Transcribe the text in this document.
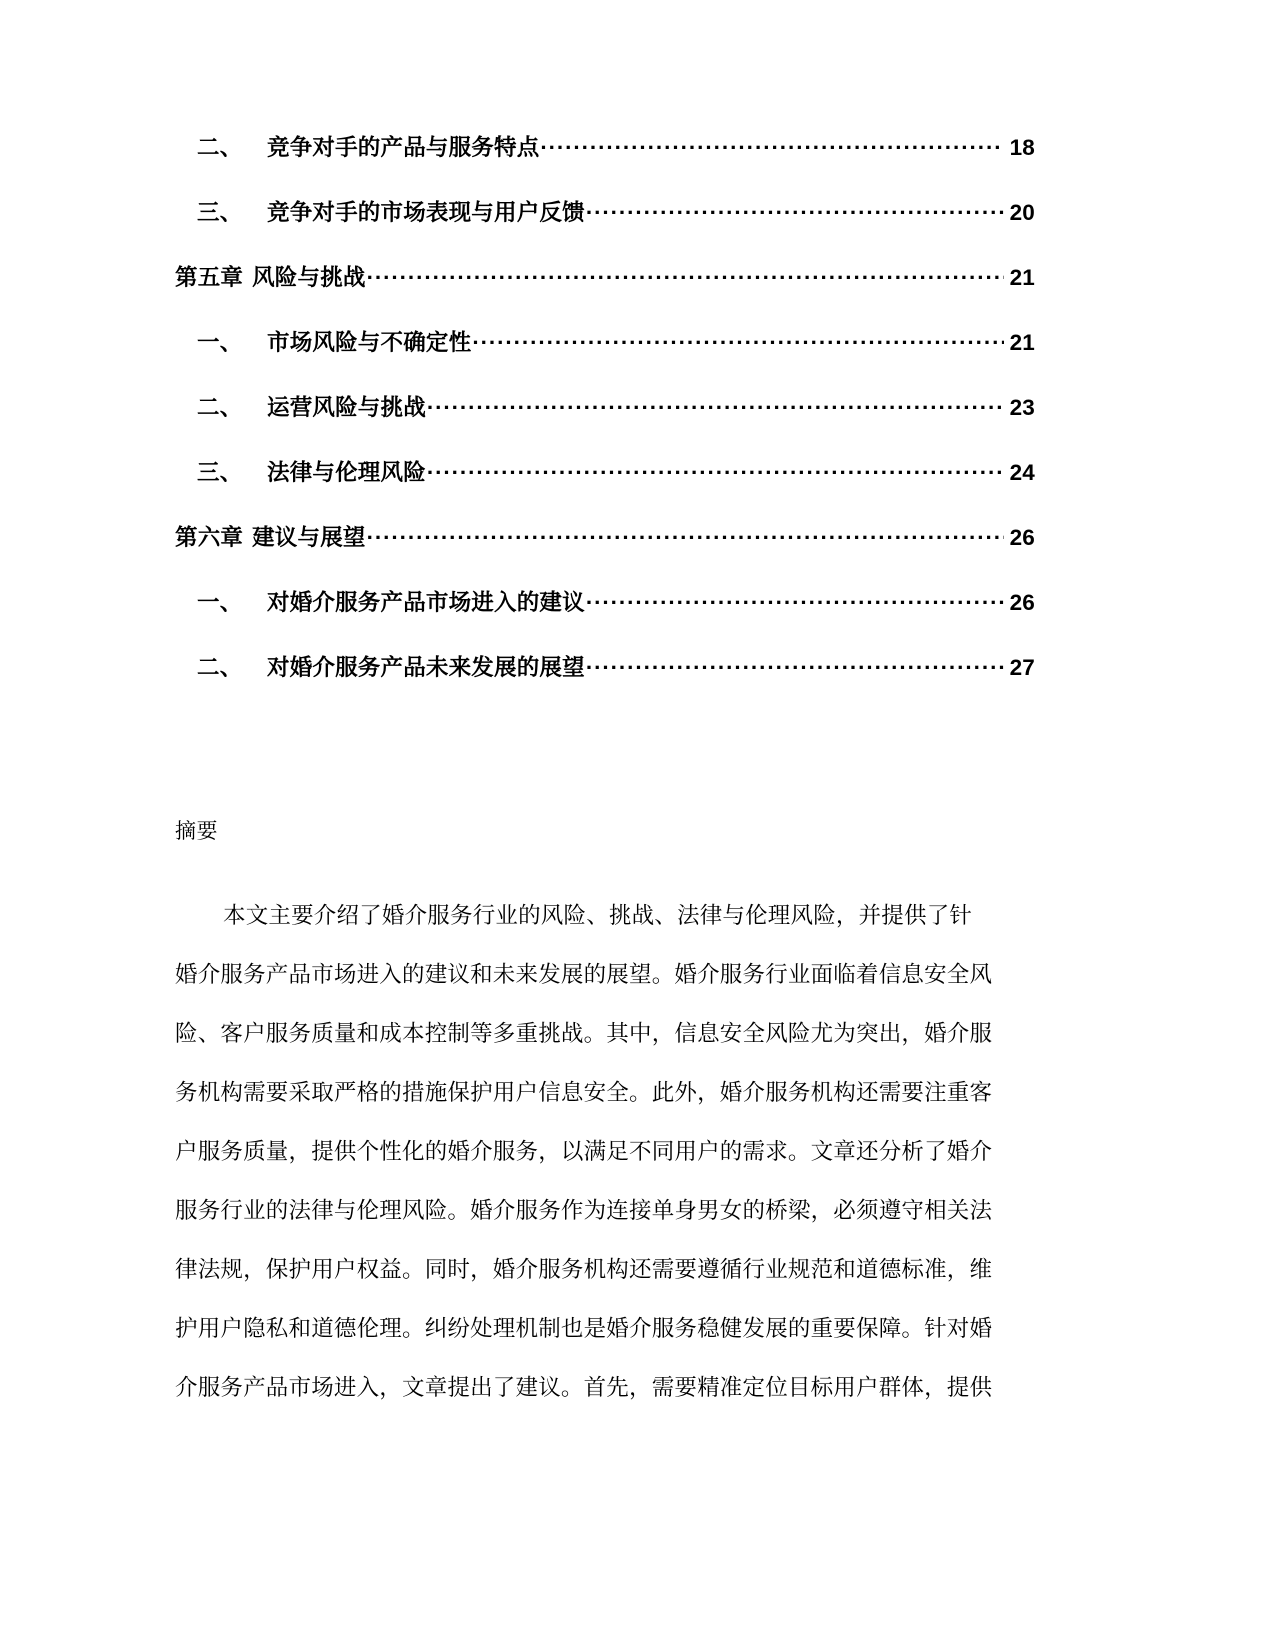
二、	竞争对手的产品与服务特点 .....	18
三、	竞争对手的市场表现与用户反馈 .....	20
第五章 风险与挑战 .....	21
一、	市场风险与不确定性 .....	21
二、	运营风险与挑战 .....	23
三、	法律与伦理风险 .....	24
第六章 建议与展望 .....	26
一、	对婚介服务产品市场进入的建议 .....	26
二、	对婚介服务产品未来发展的展望 .....	27
摘要
本文主要介绍了婚介服务行业的风险、挑战、法律与伦理风险，并提供了针
婚介服务产品市场进入的建议和未来发展的展望。婚介服务行业面临着信息安全风
险、客户服务质量和成本控制等多重挑战。其中，信息安全风险尤为突出，婚介服
务机构需要采取严格的措施保护用户信息安全。此外，婚介服务机构还需要注重客
户服务质量，提供个性化的婚介服务，以满足不同用户的需求。文章还分析了婚介
服务行业的法律与伦理风险。婚介服务作为连接单身男女的桥梁，必须遵守相关法
律法规，保护用户权益。同时，婚介服务机构还需要遵循行业规范和道德标准，维
护用户隐私和道德伦理。纠纷处理机制也是婚介服务稳健发展的重要保障。针对婚
介服务产品市场进入，文章提出了建议。首先，需要精准定位目标用户群体，提供
